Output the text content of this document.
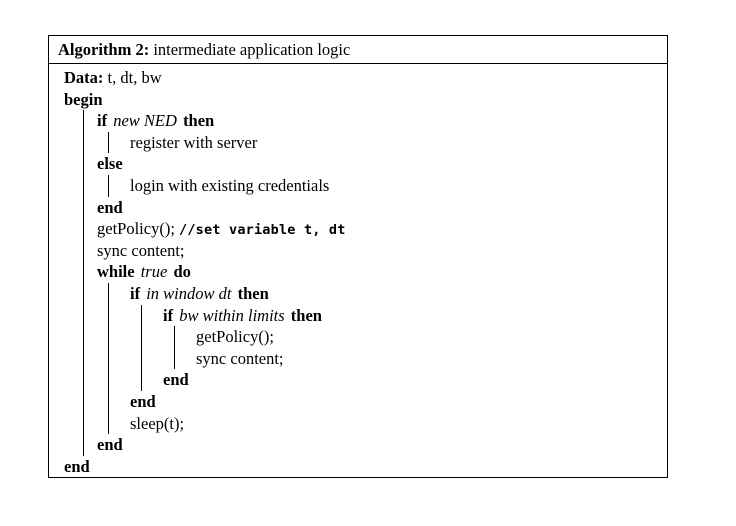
Algorithm 2: intermediate application logic
Data: t, dt, bw
begin
if new NED then
register with server
else
login with existing credentials
end
getPolicy(); //set variable t, dt
sync content;
while true do
if in window dt then
if bw within limits then
getPolicy();
sync content;
end
end
sleep(t);
end
end
